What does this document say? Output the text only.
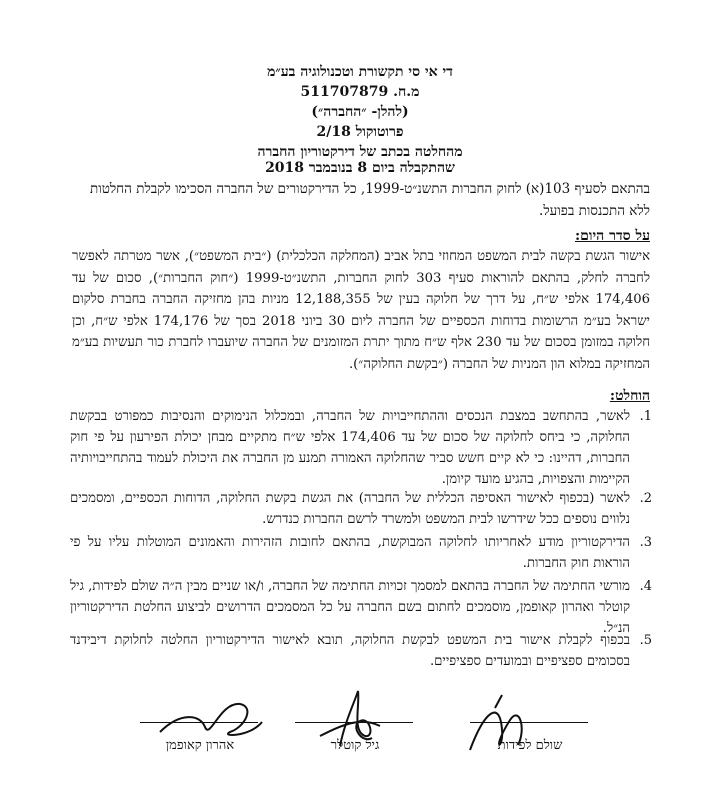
די אי סי תקשורת וטכנולוגיה בע״מ
מ.ח. 511707879
(להלן- ״החברה״)
פרוטוקול 2/18
מהחלטה בכתב של דירקטוריון החברה
שהתקבלה ביום 8 בנובמבר 2018
בהתאם לסעיף 103(א) לחוק החברות התשנ״ט-1999, כל הדירקטורים של החברה הסכימו לקבלת החלטות ללא התכנסות בפועל.
על סדר היום:
אישור הגשת בקשה לבית המשפט המחוזי בתל אביב (המחלקה הכלכלית) (״בית המשפט״), אשר מטרתה לאפשר לחברה לחלק, בהתאם להוראות סעיף 303 לחוק החברות, התשנ״ט-1999 (״חוק החברות״), סכום של עד 174,406 אלפי ש״ח, על דרך של חלוקה בעין של 12,188,355 מניות בהן מחזיקה החברה בחברת סלקום ישראל בע״מ הרשומות בדוחות הכספיים של החברה ליום 30 ביוני 2018 בסך של 174,176 אלפי ש״ח, וכן חלוקה במזומן בסכום של עד 230 אלף ש״ח מתוך יתרת המזומנים של החברה שיועברו לחברת כור תעשיות בע״מ המחזיקה במלוא הון המניות של החברה (״בקשת החלוקה״).
הוחלט:
1.
לאשר, בהתחשב במצבת הנכסים וההתחייבויות של החברה, ובמכלול הנימוקים והנסיבות כמפורט בבקשת החלוקה, כי ביחס לחלוקה של סכום של עד 174,406 אלפי ש״ח מתקיים מבחן יכולת הפירעון על פי חוק החברות, דהיינו: כי לא קיים חשש סביר שהחלוקה האמורה תמנע מן החברה את היכולת לעמוד בהתחייבויותיה הקיימות והצפויות, בהגיע מועד קיומן.
2.
לאשר (בכפוף לאישור האסיפה הכללית של החברה) את הגשת בקשת החלוקה, הדוחות הכספיים, ומסמכים נלווים נוספים ככל שידרשו לבית המשפט ולמשרד לרשם החברות כנדרש.
3.
הדירקטוריון מודע לאחריותו לחלוקה המבוקשת, בהתאם לחובות הזהירות והאמונים המוטלות עליו על פי הוראות חוק החברות.
4.
מורשי החתימה של החברה בהתאם למסמך זכויות החתימה של החברה, ו/או שניים מבין ה״ה שולם לפידות, גיל קוטלר ואהרון קאופמן, מוסמכים לחתום בשם החברה על כל המסמכים הדרושים לביצוע החלטת הדירקטוריון הנ״ל.
5.
בכפוף לקבלת אישור בית המשפט לבקשת החלוקה, תובא לאישור הדירקטוריון החלטה לחלוקת דיבידנד בסכומים ספציפיים ובמועדים ספציפיים.
שולם לפידות
גיל קוטלר
אהרון קאופמן
